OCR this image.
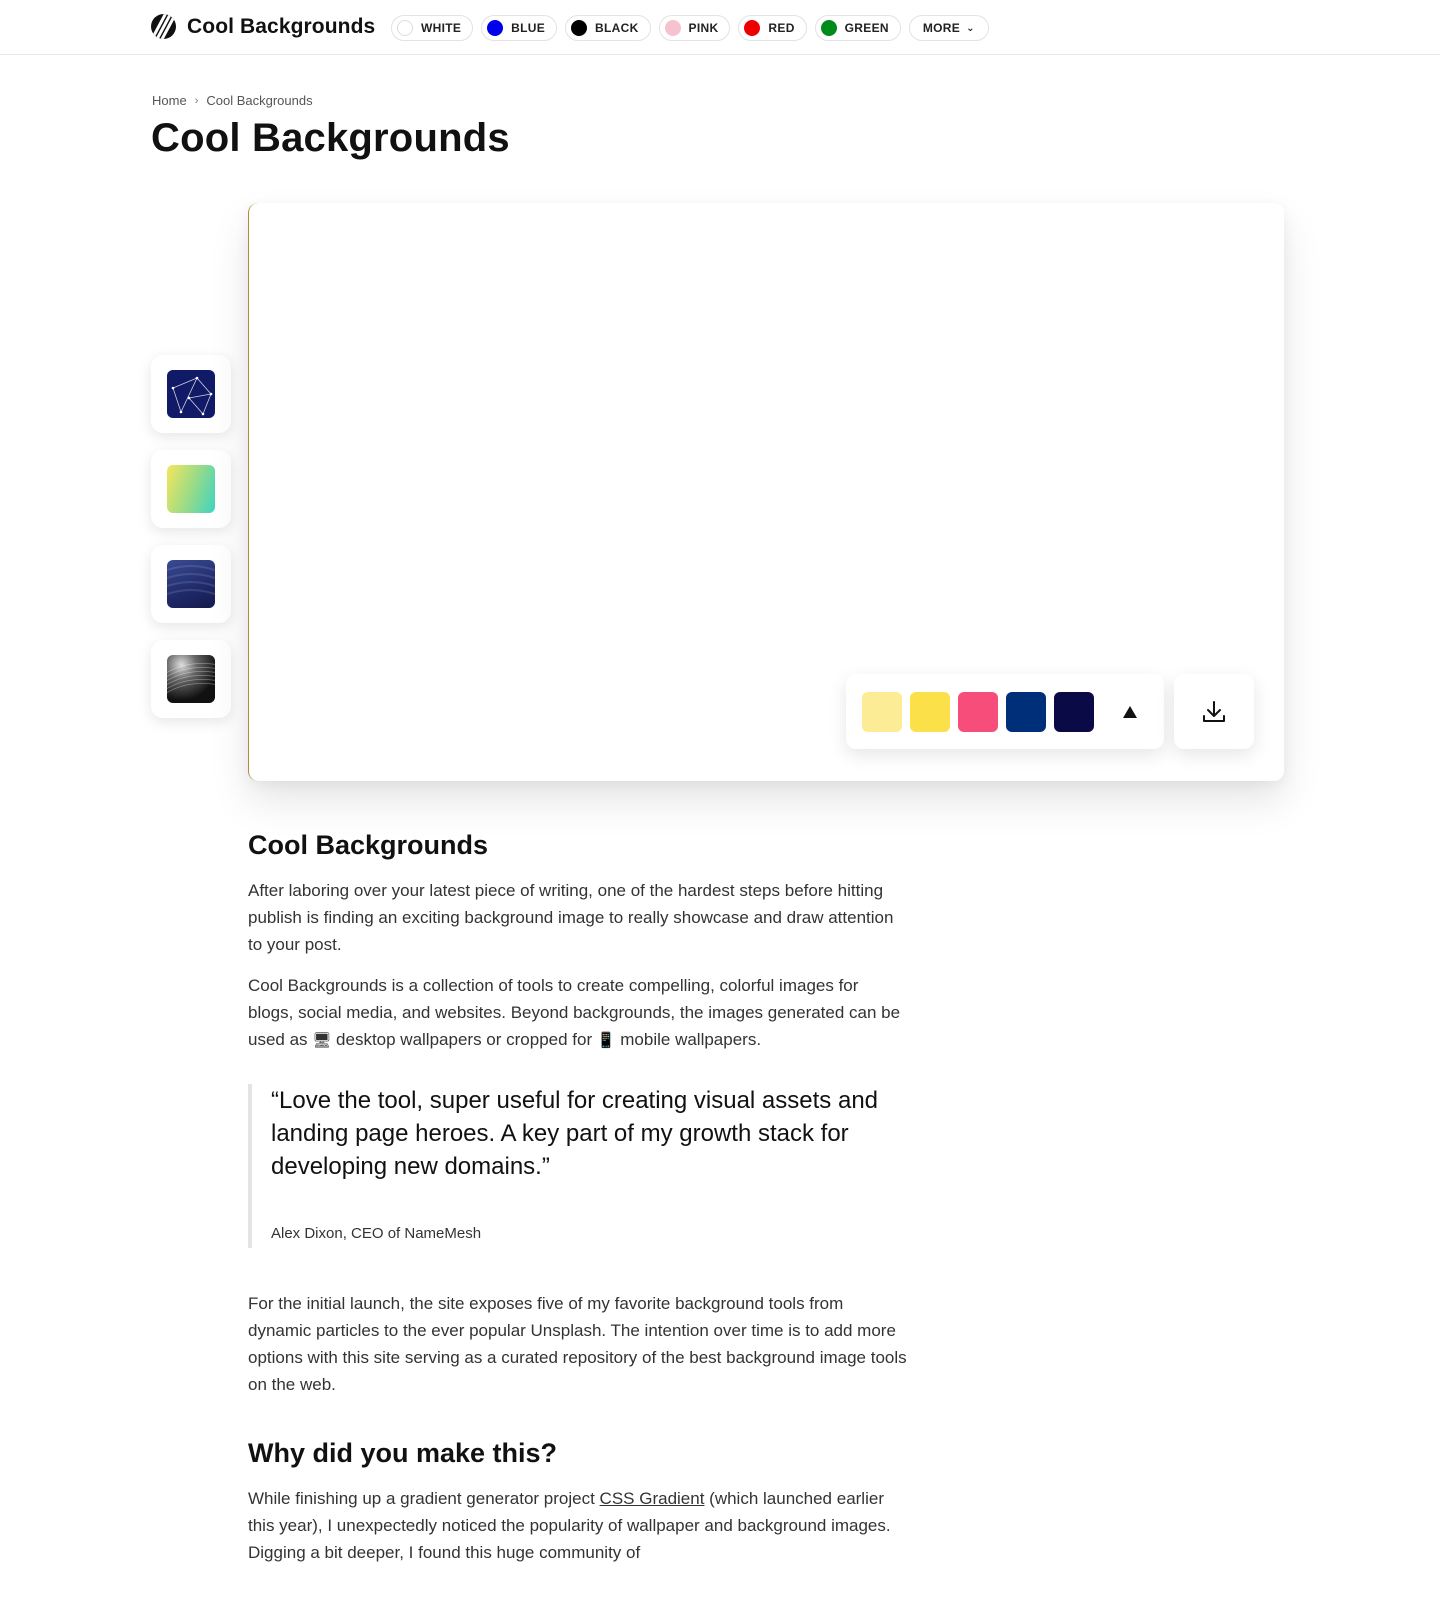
Cool Backgrounds	WHITE	BLUE	BLACK	PINK	RED	GREEN	MORE ⌄
Home › Cool Backgrounds
Cool Backgrounds
Cool Backgrounds

After laboring over your latest piece of writing, one of the hardest steps before hitting publish is finding an exciting background image to really showcase and draw attention to your post.

Cool Backgrounds is a collection of tools to create compelling, colorful images for blogs, social media, and websites. Beyond backgrounds, the images generated can be used as 🖥 desktop wallpapers or cropped for 📱 mobile wallpapers.

“Love the tool, super useful for creating visual assets and landing page heroes. A key part of my growth stack for developing new domains.”

Alex Dixon, CEO of NameMesh

For the initial launch, the site exposes five of my favorite background tools from dynamic particles to the ever popular Unsplash. The intention over time is to add more options with this site serving as a curated repository of the best background image tools on the web.

Why did you make this?

While finishing up a gradient generator project CSS Gradient (which launched earlier this year), I unexpectedly noticed the popularity of wallpaper and background images. Digging a bit deeper, I found this huge community of
